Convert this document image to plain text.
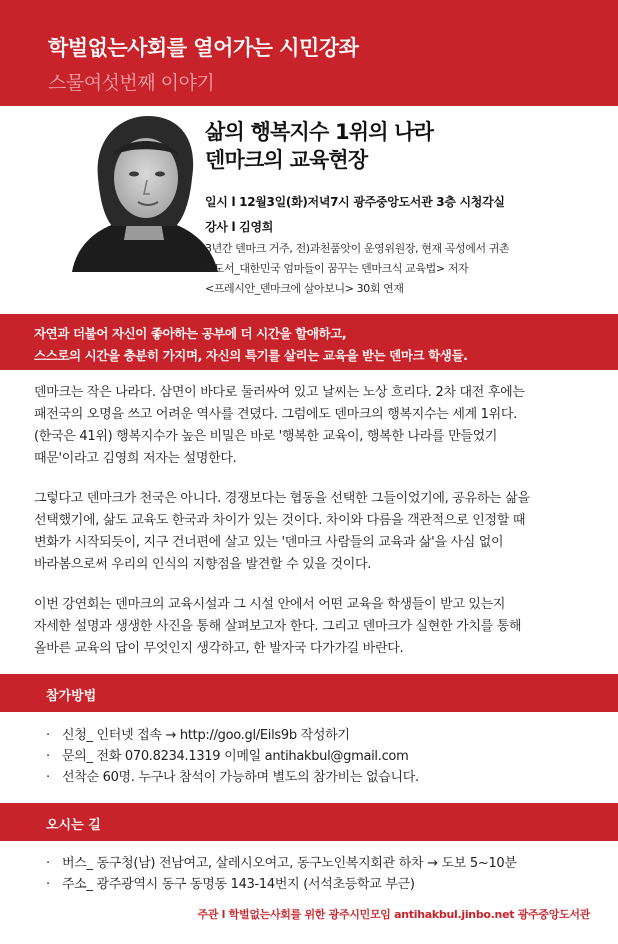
학벌없는사회를 열어가는 시민강좌
스물여섯번째 이야기
삶의 행복지수 1위의 나라
덴마크의 교육현장
일시 l 12월3일(화)저녁7시 광주중앙도서관 3층 시청각실
강사 l 김영희
3년간 덴마크 거주, 전)과천품앗이 운영위원장, 현재 곡성에서 귀촌
<도서_대한민국 엄마들이 꿈꾸는 덴마크식 교육법> 저자
<프레시안_덴마크에 살아보니> 30회 연재
자연과 더불어 자신이 좋아하는 공부에 더 시간을 할애하고,
스스로의 시간을 충분히 가지며, 자신의 특기를 살리는 교육을 받는 덴마크 학생들.
덴마크는 작은 나라다. 삼면이 바다로 둘러싸여 있고 날씨는 노상 흐리다. 2차 대전 후에는
패전국의 오명을 쓰고 어려운 역사를 견뎠다. 그럼에도 덴마크의 행복지수는 세계 1위다.
(한국은 41위) 행복지수가 높은 비밀은 바로 '행복한 교육이, 행복한 나라를 만들었기
때문'이라고 김영희 저자는 설명한다.
그렇다고 덴마크가 천국은 아니다. 경쟁보다는 협동을 선택한 그들이었기에, 공유하는 삶을
선택했기에, 삶도 교육도 한국과 차이가 있는 것이다. 차이와 다름을 객관적으로 인정할 때
변화가 시작되듯이, 지구 건너편에 살고 있는 '덴마크 사람들의 교육과 삶'을 사심 없이
바라봄으로써 우리의 인식의 지향점을 발견할 수 있을 것이다.
이번 강연회는 덴마크의 교육시설과 그 시설 안에서 어떤 교육을 학생들이 받고 있는지
자세한 설명과 생생한 사진을 통해 살펴보고자 한다. 그리고 덴마크가 실현한 가치를 통해
올바른 교육의 답이 무엇인지 생각하고, 한 발자국 다가가길 바란다.
참가방법
· 신청_ 인터넷 접속 → http://goo.gl/Eils9b 작성하기
· 문의_ 전화 070.8234.1319 이메일 antihakbul@gmail.com
· 선착순 60명. 누구나 참석이 가능하며 별도의 참가비는 없습니다.
오시는 길
· 버스_ 동구청(남) 전남여고, 살레시오여고, 동구노인복지회관 하차 → 도보 5~10분
· 주소_ 광주광역시 동구 동명동 143-14번지 (서석초등학교 부근)
주관 l 학벌없는사회를 위한 광주시민모임 antihakbul.jinbo.net 광주중앙도서관
